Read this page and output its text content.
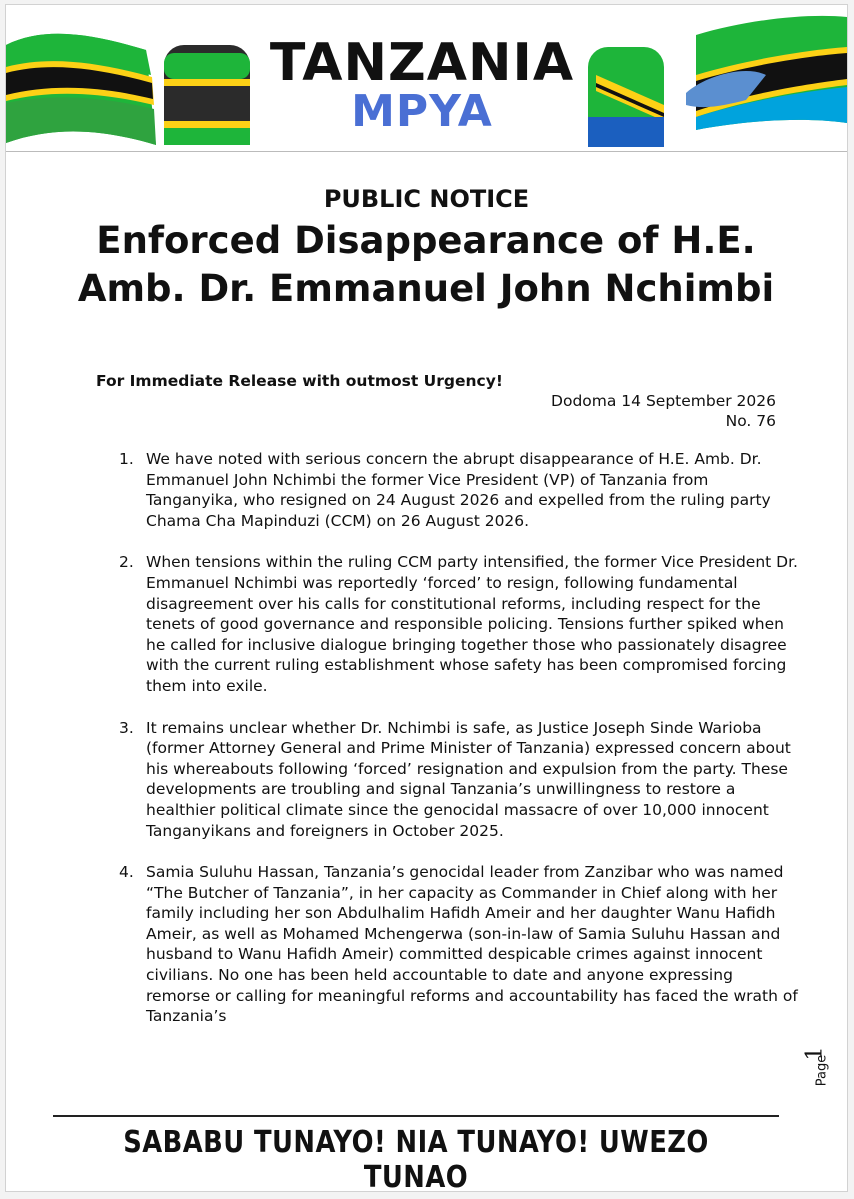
TANZANIA
MPYA
PUBLIC NOTICE
Enforced Disappearance of H.E. Amb. Dr. Emmanuel John Nchimbi
For Immediate Release with outmost Urgency!
Dodoma 14 September 2026
No. 76
1. We have noted with serious concern the abrupt disappearance of H.E. Amb. Dr. Emmanuel John Nchimbi the former Vice President (VP) of Tanzania from Tanganyika, who resigned on 24 August 2026 and expelled from the ruling party Chama Cha Mapinduzi (CCM) on 26 August 2026.
2. When tensions within the ruling CCM party intensified, the former Vice President Dr. Emmanuel Nchimbi was reportedly ‘forced’ to resign, following fundamental disagreement over his calls for constitutional reforms, including respect for the tenets of good governance and responsible policing. Tensions further spiked when he called for inclusive dialogue bringing together those who passionately disagree with the current ruling establishment whose safety has been compromised forcing them into exile.
3. It remains unclear whether Dr. Nchimbi is safe, as Justice Joseph Sinde Warioba (former Attorney General and Prime Minister of Tanzania) expressed concern about his whereabouts following ‘forced’ resignation and expulsion from the party. These developments are troubling and signal Tanzania’s unwillingness to restore a healthier political climate since the genocidal massacre of over 10,000 innocent Tanganyikans and foreigners in October 2025.
4. Samia Suluhu Hassan, Tanzania’s genocidal leader from Zanzibar who was named “The Butcher of Tanzania”, in her capacity as Commander in Chief along with her family including her son Abdulhalim Hafidh Ameir and her daughter Wanu Hafidh Ameir, as well as Mohamed Mchengerwa (son-in-law of Samia Suluhu Hassan and husband to Wanu Hafidh Ameir) committed despicable crimes against innocent civilians. No one has been held accountable to date and anyone expressing remorse or calling for meaningful reforms and accountability has faced the wrath of Tanzania’s
1
Page
SABABU TUNAYO! NIA TUNAYO! UWEZO TUNAO
